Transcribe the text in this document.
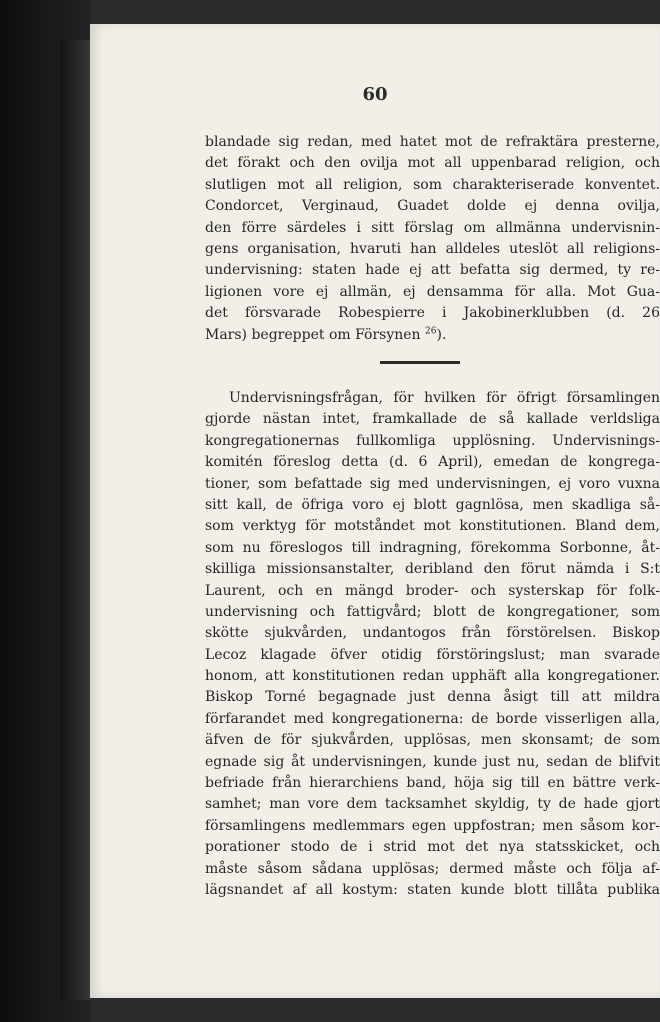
60
blandade sig redan, med hatet mot de refraktära presterne,
det förakt och den ovilja mot all uppenbarad religion, och
slutligen mot all religion, som charakteriserade konventet.
Condorcet, Verginaud, Guadet dolde ej denna ovilja,
den förre särdeles i sitt förslag om allmänna undervisnin-
gens organisation, hvaruti han alldeles uteslöt all religions-
undervisning: staten hade ej att befatta sig dermed, ty re-
ligionen vore ej allmän, ej densamma för alla. Mot Gua-
det försvarade Robespierre i Jakobinerklubben (d. 26
Mars) begreppet om Försynen $^{26}$).
Undervisningsfrågan, för hvilken för öfrigt församlingen
gjorde nästan intet, framkallade de så kallade verldsliga
kongregationernas fullkomliga upplösning. Undervisnings-
komitén föreslog detta (d. 6 April), emedan de kongrega-
tioner, som befattade sig med undervisningen, ej voro vuxna
sitt kall, de öfriga voro ej blott gagnlösa, men skadliga så-
som verktyg för motståndet mot konstitutionen. Bland dem,
som nu föreslogos till indragning, förekomma Sorbonne, åt-
skilliga missionsanstalter, deribland den förut nämda i S:t
Laurent, och en mängd broder- och systerskap för folk-
undervisning och fattigvård; blott de kongregationer, som
skötte sjukvården, undantogos från förstörelsen. Biskop
Lecoz klagade öfver otidig förstöringslust; man svarade
honom, att konstitutionen redan upphäft alla kongregationer.
Biskop Torné begagnade just denna åsigt till att mildra
förfarandet med kongregationerna: de borde visserligen alla,
äfven de för sjukvården, upplösas, men skonsamt; de som
egnade sig åt undervisningen, kunde just nu, sedan de blifvit
befriade från hierarchiens band, höja sig till en bättre verk-
samhet; man vore dem tacksamhet skyldig, ty de hade gjort
församlingens medlemmars egen uppfostran; men såsom kor-
porationer stodo de i strid mot det nya statsskicket, och
måste såsom sådana upplösas; dermed måste och följa af-
lägsnandet af all kostym: staten kunde blott tillåta publika
